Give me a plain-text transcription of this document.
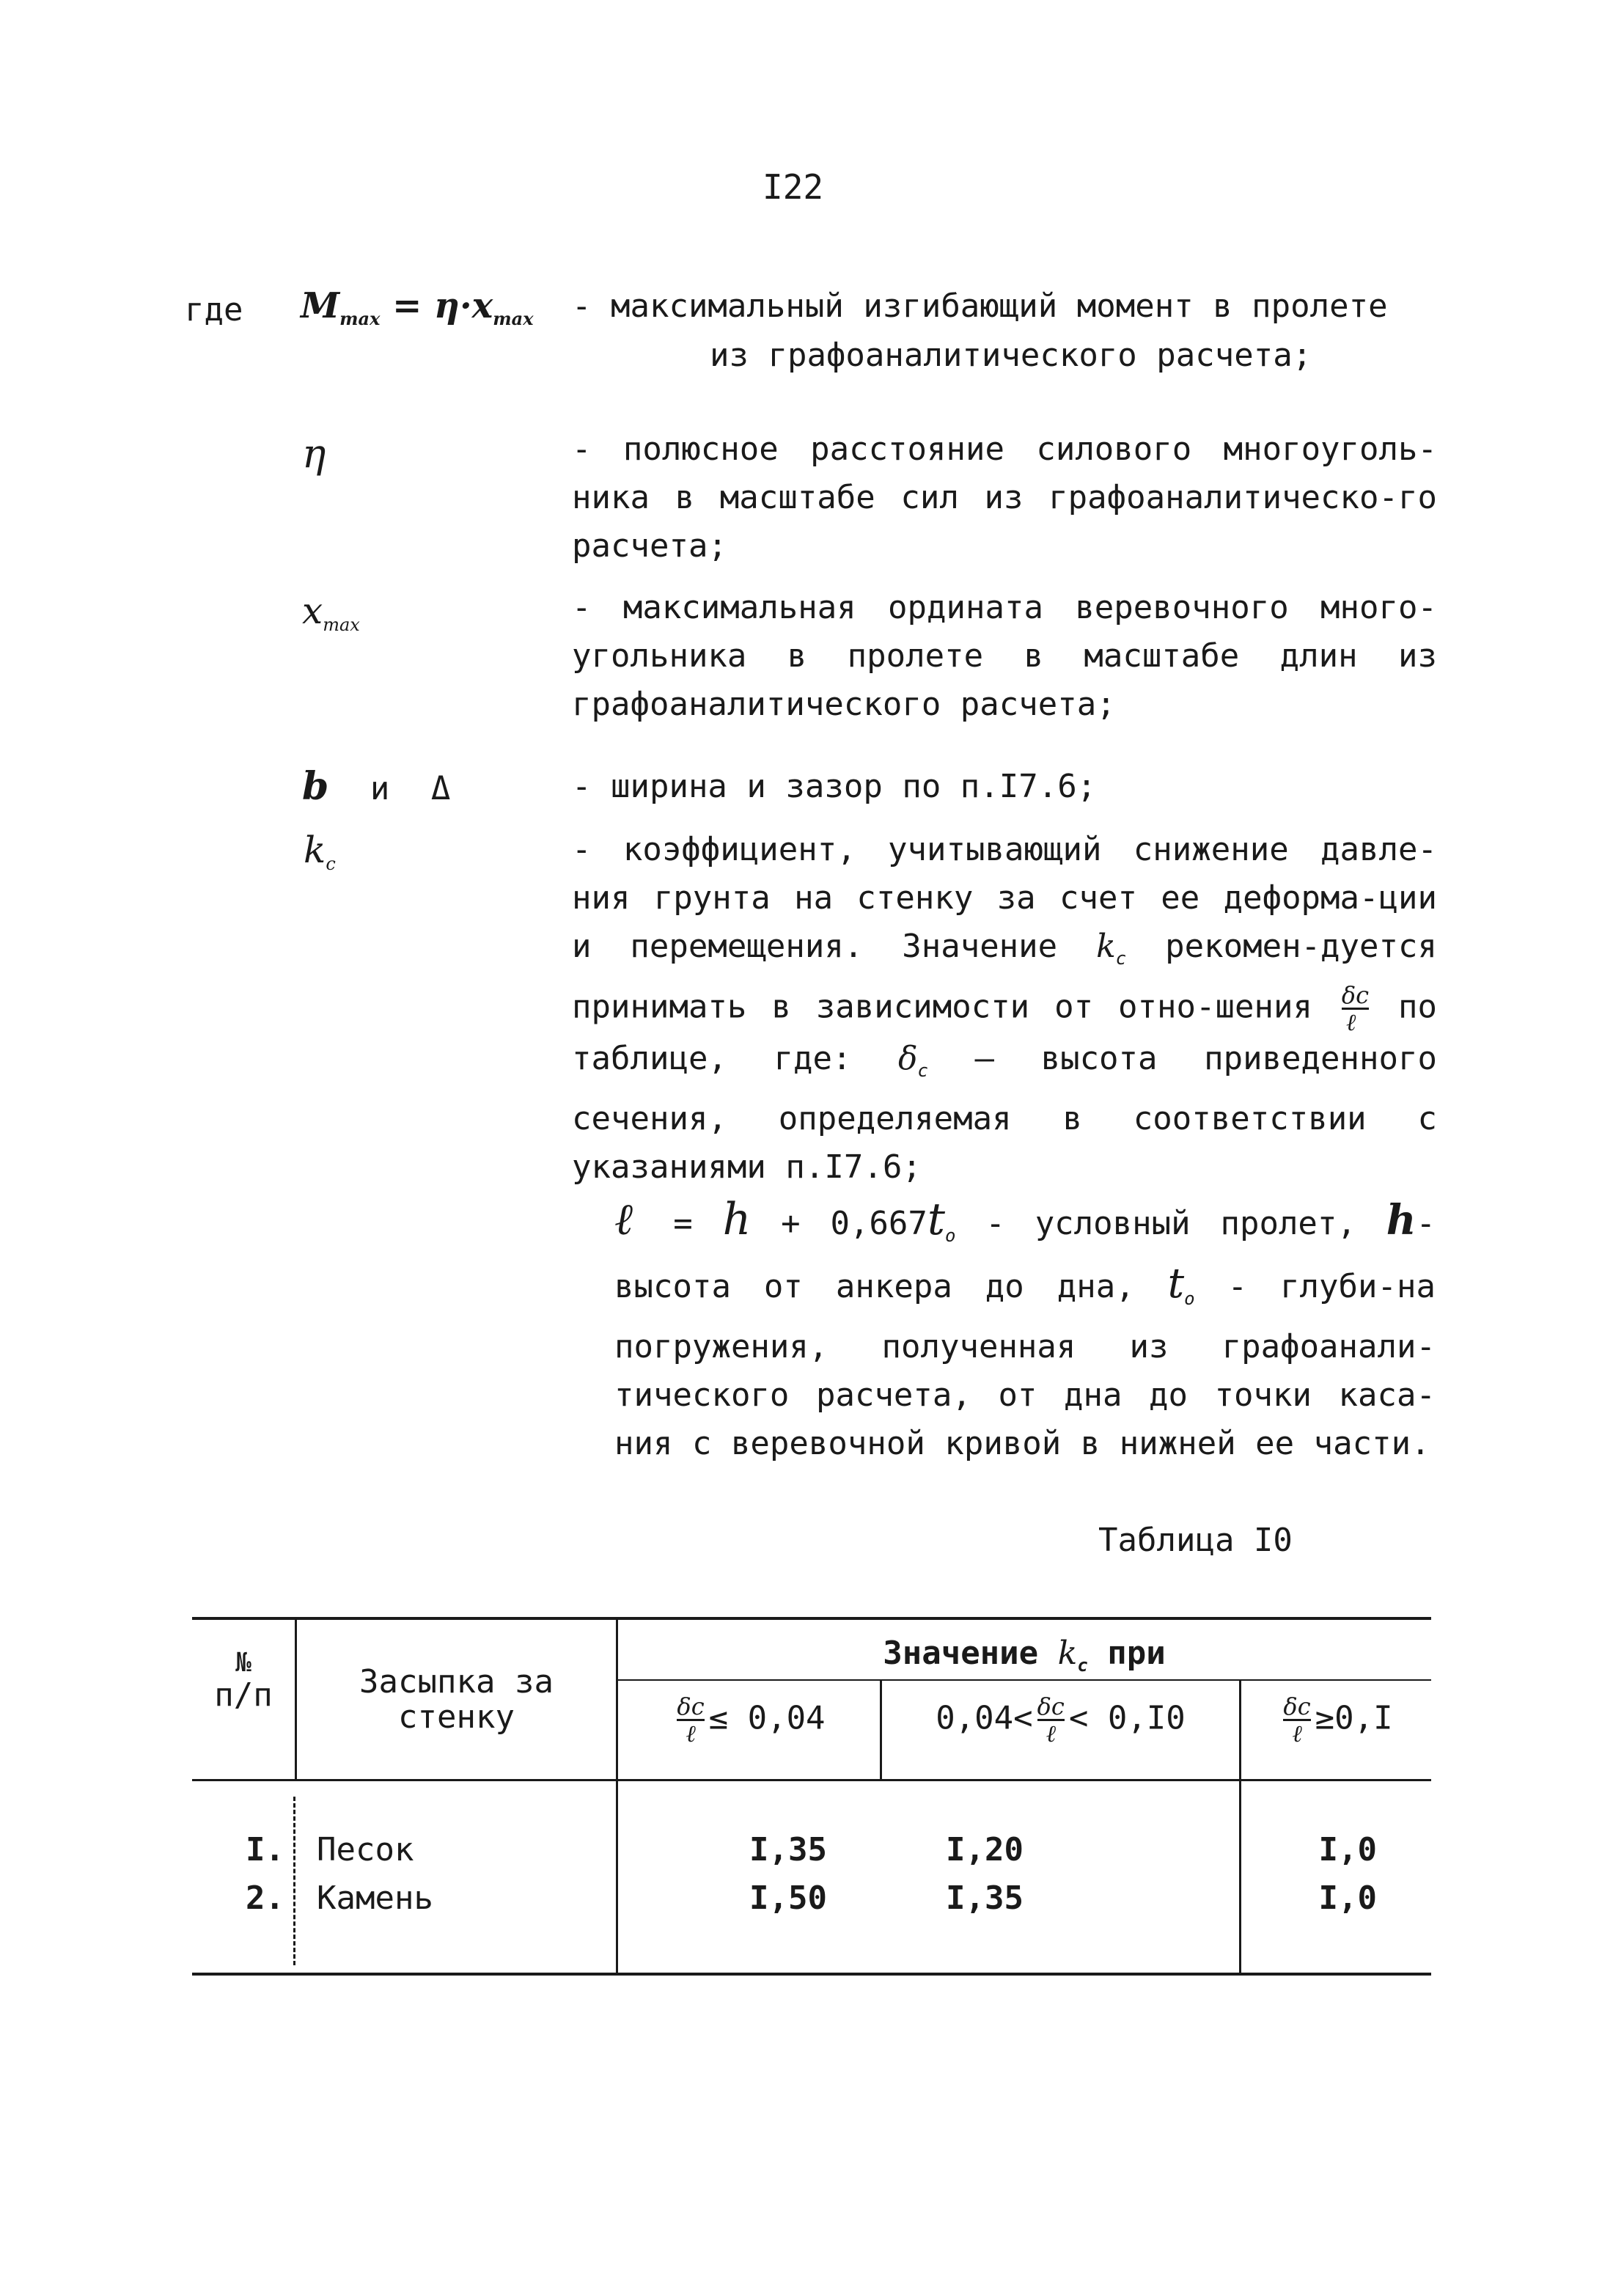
I22
где $M_{max} = \eta\cdot x_{max}$ - максимальный изгибающий момент в пролете
из графоаналитического расчета;
η	- полюсное расстояние силового многоуголь-ника в масштабе сил из графоаналитическо-го расчета;
$x_{max}$	- максимальная ордината веревочного много-угольника в пролете в масштабе длин из графоаналитического расчета;
b и Δ	- ширина и зазор по п.I7.6;
$k_c$	- коэффициент, учитывающий снижение давле-ния грунта на стенку за счет ее деформа-ции и перемещения. Значение $k_c$ рекомен-дуется принимать в зависимости от отно-шения $\frac{\delta c}{\text{ℓ}}$ по таблице, где: $\delta_c$ – высота приведенного сечения, определяемая в соответствии с указаниями п.I7.6;
ℓ = $h + 0,667t_o$ - условный пролет, h- высота от анкера до дна, $t_o$ - глуби-на погружения, полученная из графоанали-тического расчета, от дна до точки каса-ния с веревочной кривой в нижней ее части.
Таблица I0
№
п/п	Засыпка за
стенку
Значение $k_c$ при
$\frac{\delta c}{\text{ℓ}} \le 0,04$	$0,04< \frac{\delta c}{\text{ℓ}} < 0,I0$	$\frac{\delta c}{\text{ℓ}} \ge 0,I$
I. Песок	I,35	I,20	I,0
2. Камень	I,50	I,35	I,0
